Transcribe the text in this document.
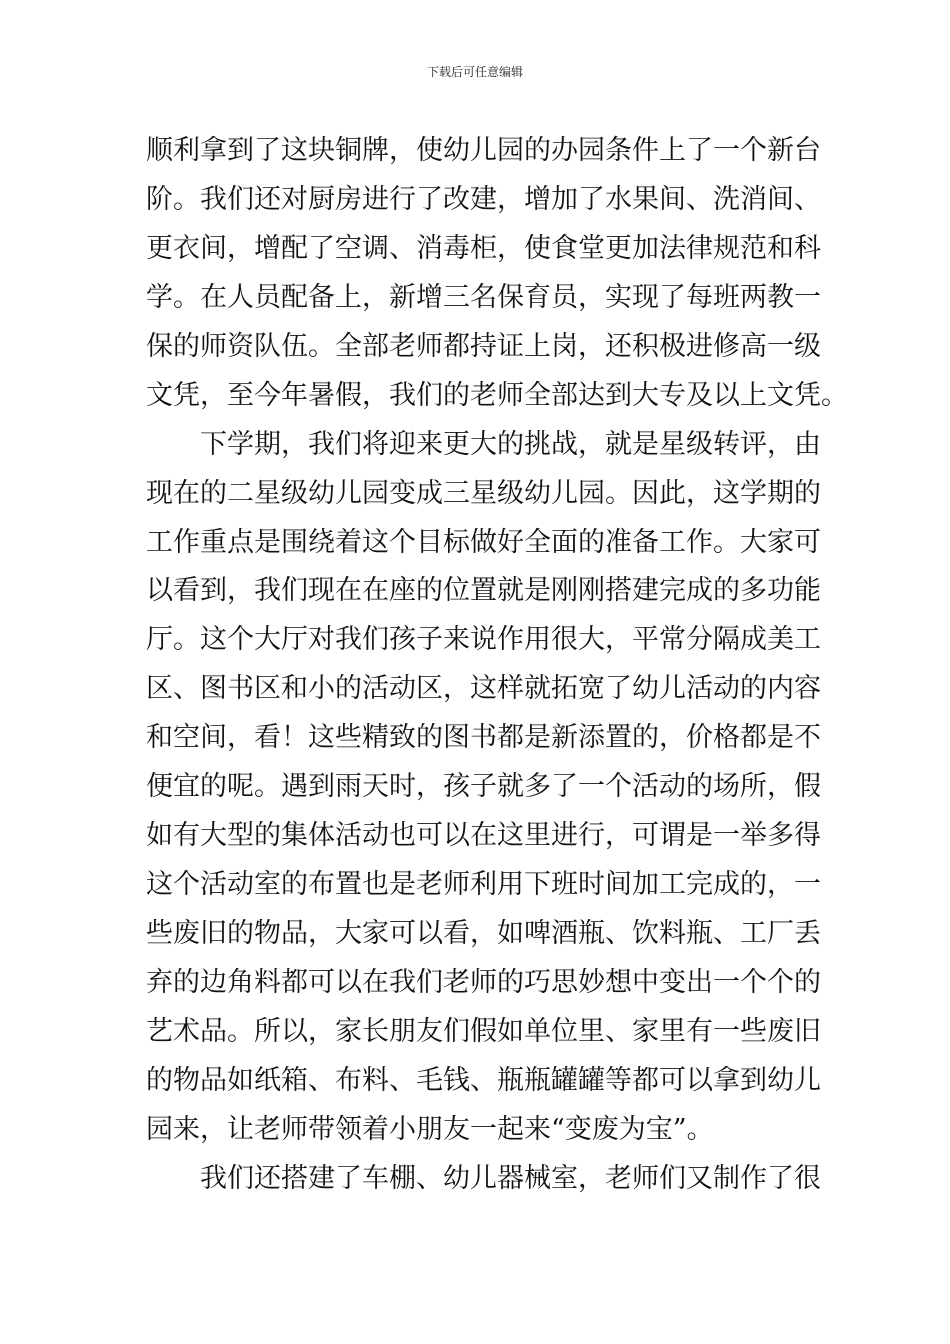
下载后可任意编辑
顺利拿到了这块铜牌，使幼儿园的办园条件上了一个新台
阶。我们还对厨房进行了改建，增加了水果间、洗消间、
更衣间，增配了空调、消毒柜，使食堂更加法律规范和科
学。在人员配备上，新增三名保育员，实现了每班两教一
保的师资队伍。全部老师都持证上岗，还积极进修高一级
文凭，至今年暑假，我们的老师全部达到大专及以上文凭。
　　下学期，我们将迎来更大的挑战，就是星级转评，由
现在的二星级幼儿园变成三星级幼儿园。因此，这学期的
工作重点是围绕着这个目标做好全面的准备工作。大家可
以看到，我们现在在座的位置就是刚刚搭建完成的多功能
厅。这个大厅对我们孩子来说作用很大，平常分隔成美工
区、图书区和小的活动区，这样就拓宽了幼儿活动的内容
和空间，看！这些精致的图书都是新添置的，价格都是不
便宜的呢。遇到雨天时，孩子就多了一个活动的场所，假
如有大型的集体活动也可以在这里进行，可谓是一举多得
这个活动室的布置也是老师利用下班时间加工完成的，一
些废旧的物品，大家可以看，如啤酒瓶、饮料瓶、工厂丢
弃的边角料都可以在我们老师的巧思妙想中变出一个个的
艺术品。所以，家长朋友们假如单位里、家里有一些废旧
的物品如纸箱、布料、毛钱、瓶瓶罐罐等都可以拿到幼儿
园来，让老师带领着小朋友一起来“变废为宝”。
　　我们还搭建了车棚、幼儿器械室，老师们又制作了很
